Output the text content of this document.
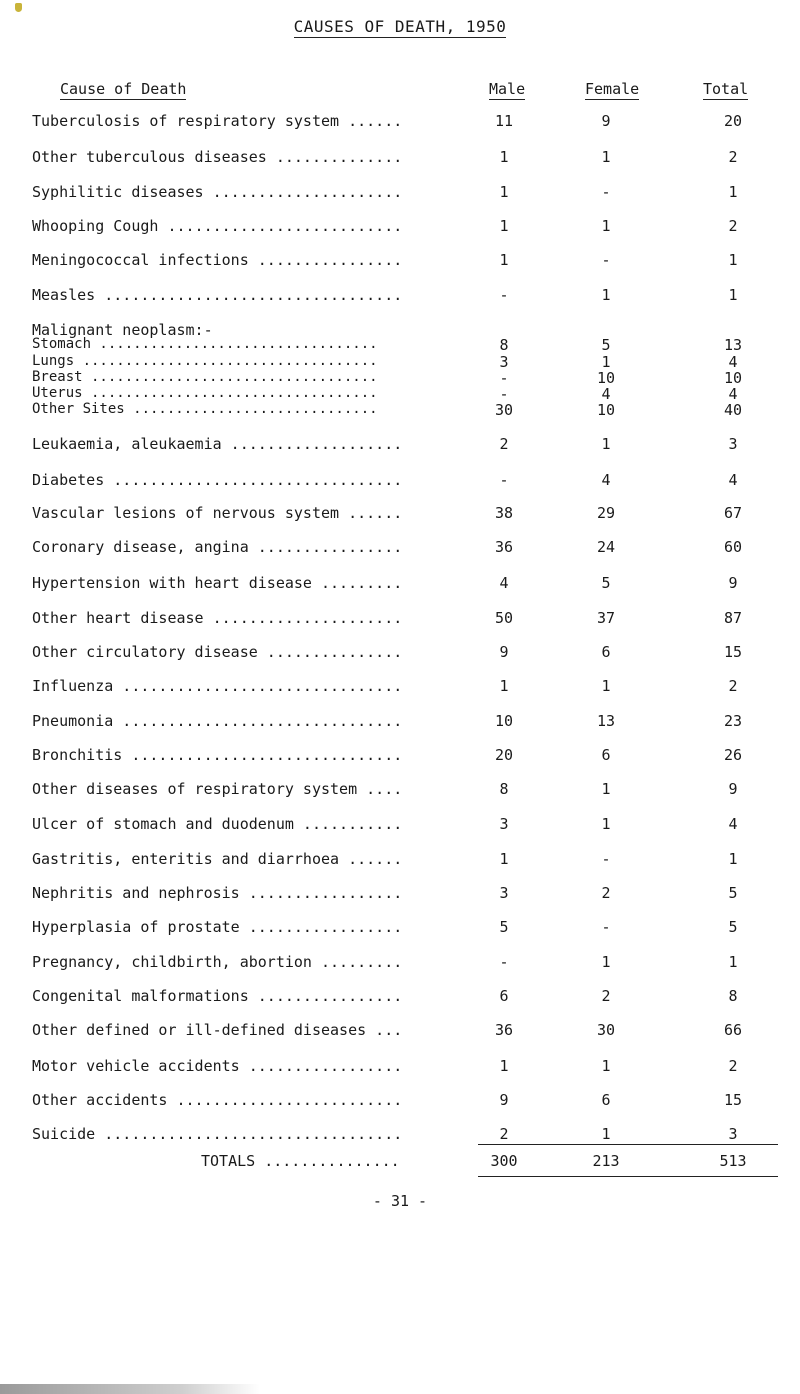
CAUSES OF DEATH, 1950
Cause of Death	Male	Female	Total
Tuberculosis of respiratory system ......	11	9	20
Other tuberculous diseases ..............	1	1	2
Syphilitic diseases .....................	1	-	1
Whooping Cough ..........................	1	1	2
Meningococcal infections ................	1	-	1
Measles .................................	-	1	1
Malignant neoplasm:-
Stomach .................................	8	5	13
Lungs ...................................	3	1	4
Breast ..................................	-	10	10
Uterus ..................................	-	4	4
Other Sites .............................	30	10	40
Leukaemia, aleukaemia ...................	2	1	3
Diabetes ................................	-	4	4
Vascular lesions of nervous system ......	38	29	67
Coronary disease, angina ................	36	24	60
Hypertension with heart disease .........	4	5	9
Other heart disease .....................	50	37	87
Other circulatory disease ...............	9	6	15
Influenza ...............................	1	1	2
Pneumonia ...............................	10	13	23
Bronchitis ..............................	20	6	26
Other diseases of respiratory system ....	8	1	9
Ulcer of stomach and duodenum ...........	3	1	4
Gastritis, enteritis and diarrhoea ......	1	-	1
Nephritis and nephrosis .................	3	2	5
Hyperplasia of prostate .................	5	-	5
Pregnancy, childbirth, abortion .........	-	1	1
Congenital malformations ................	6	2	8
Other defined or ill-defined diseases ...	36	30	66
Motor vehicle accidents .................	1	1	2
Other accidents .........................	9	6	15
Suicide .................................	2	1	3
TOTALS ...............	300	213	513
- 31 -
